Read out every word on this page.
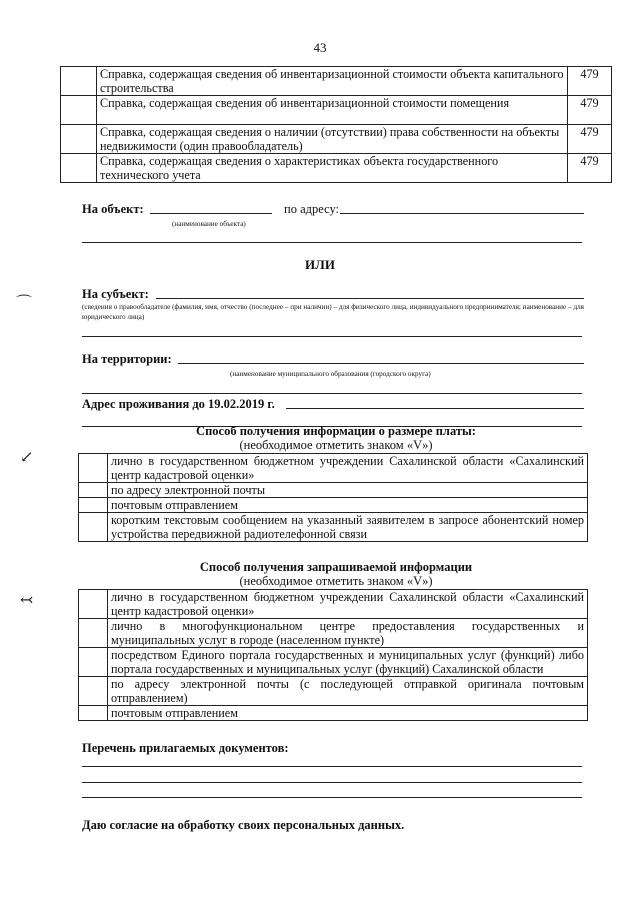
43
	Справка, содержащая сведения об инвентаризационной стоимости объекта капитального строительства	479
	Справка, содержащая сведения об инвентаризационной стоимости помещения	479
	Справка, содержащая сведения о наличии (отсутствии) права собственности на объекты недвижимости (один правообладатель)	479
	Справка, содержащая сведения о характеристиках объекта государственного технического учета	479
На объект:	по адресу:
(наименование объекта)
ИЛИ
На субъект:
(сведения о правообладателе (фамилия, имя, отчество (последнее – при наличии) – для физического лица, индивидуального предпринимателя; наименование – для юридического лица)
На территории:
(наименование муниципального образования (городского округа)
Адрес проживания до 19.02.2019 г.
Способ получения информации о размере платы:
(необходимое отметить знаком «V»)
	лично в государственном бюджетном учреждении Сахалинской области «Сахалинский центр кадастровой оценки»
	по адресу электронной почты
	почтовым отправлением
	коротким текстовым сообщением на указанный заявителем в запросе абонентский номер устройства передвижной радиотелефонной связи
Способ получения запрашиваемой информации
(необходимое отметить знаком «V»)
	лично в государственном бюджетном учреждении Сахалинской области «Сахалинский центр кадастровой оценки»
	лично в многофункциональном центре предоставления государственных и муниципальных услуг в городе (населенном пункте)
	посредством Единого портала государственных и муниципальных услуг (функций) либо портала государственных и муниципальных услуг (функций) Сахалинской области
	по адресу электронной почты (с последующей отправкой оригинала почтовым отправлением)
	почтовым отправлением
Перечень прилагаемых документов:
Даю согласие на обработку своих персональных данных.
⌒
↙
↢
